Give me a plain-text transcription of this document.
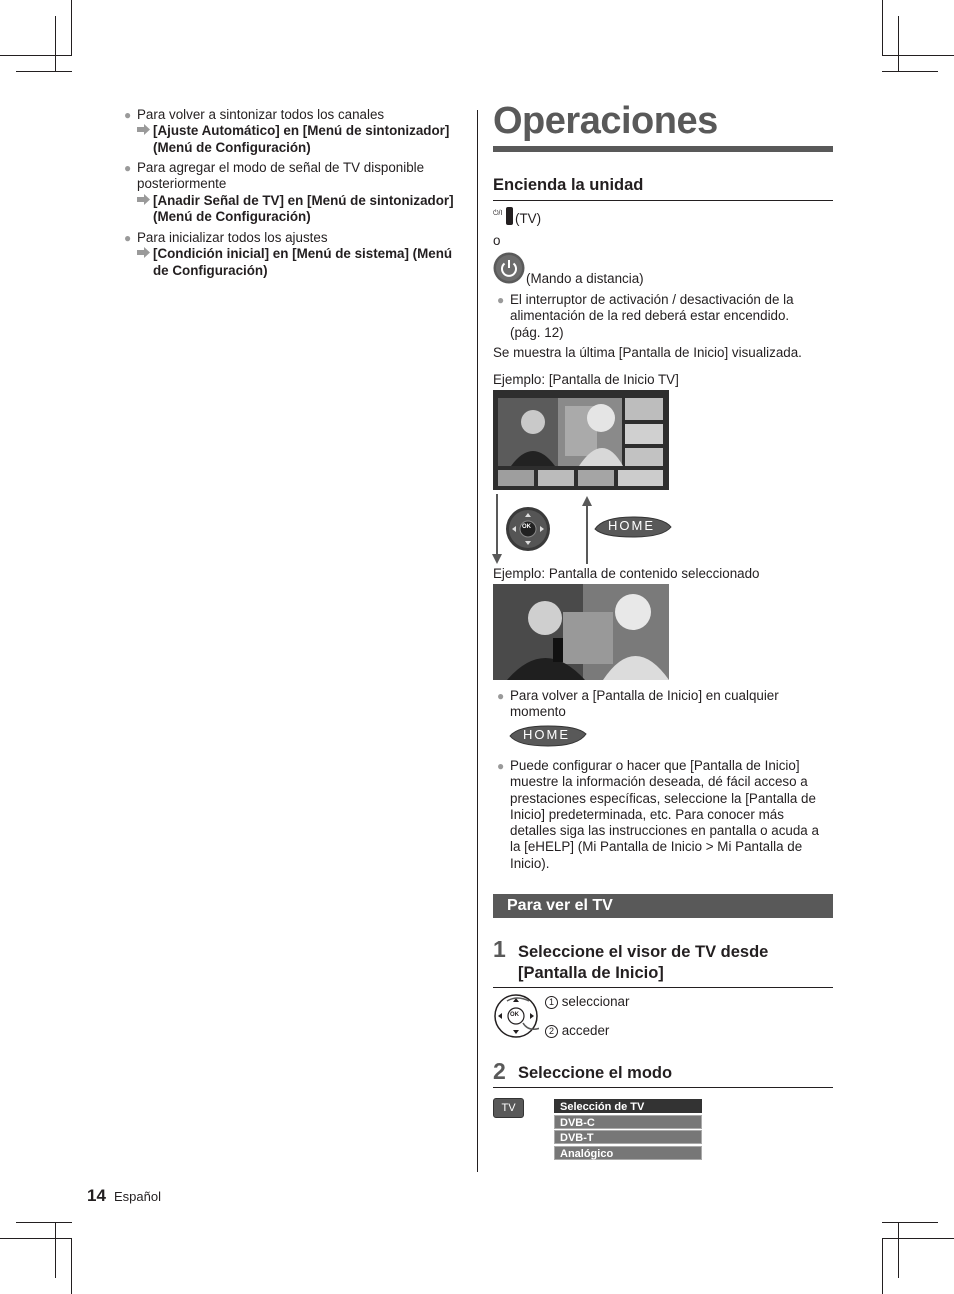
● Para volver a sintonizar todos los canales
[Ajuste Automático] en [Menú de sintonizador] (Menú de Configuración)
● Para agregar el modo de señal de TV disponible posteriormente
[Anadir Señal de TV] en [Menú de sintonizador] (Menú de Configuración)
● Para inicializar todos los ajustes
[Condición inicial] en [Menú de sistema] (Menú de Configuración)
Operaciones
Encienda la unidad
⏻/I (TV)
o
(Mando a distancia)
● El interruptor de activación / desactivación de la alimentación de la red deberá estar encendido. (pág. 12)
Se muestra la última [Pantalla de Inicio] visualizada.
Ejemplo: [Pantalla de Inicio TV]
OK	HOME
Ejemplo: Pantalla de contenido seleccionado
● Para volver a [Pantalla de Inicio] en cualquier momento
HOME
● Puede configurar o hacer que [Pantalla de Inicio] muestre la información deseada, dé fácil acceso a prestaciones específicas, seleccione la [Pantalla de Inicio] predeterminada, etc. Para conocer más detalles siga las instrucciones en pantalla o acuda a la [eHELP] (Mi Pantalla de Inicio > Mi Pantalla de Inicio).
Para ver el TV
1 Seleccione el visor de TV desde
[Pantalla de Inicio]
OK
1 seleccionar
2 acceder
2 Seleccione el modo
TV	Selección de TV
DVB-C
DVB-T
Analógico
14 Español
